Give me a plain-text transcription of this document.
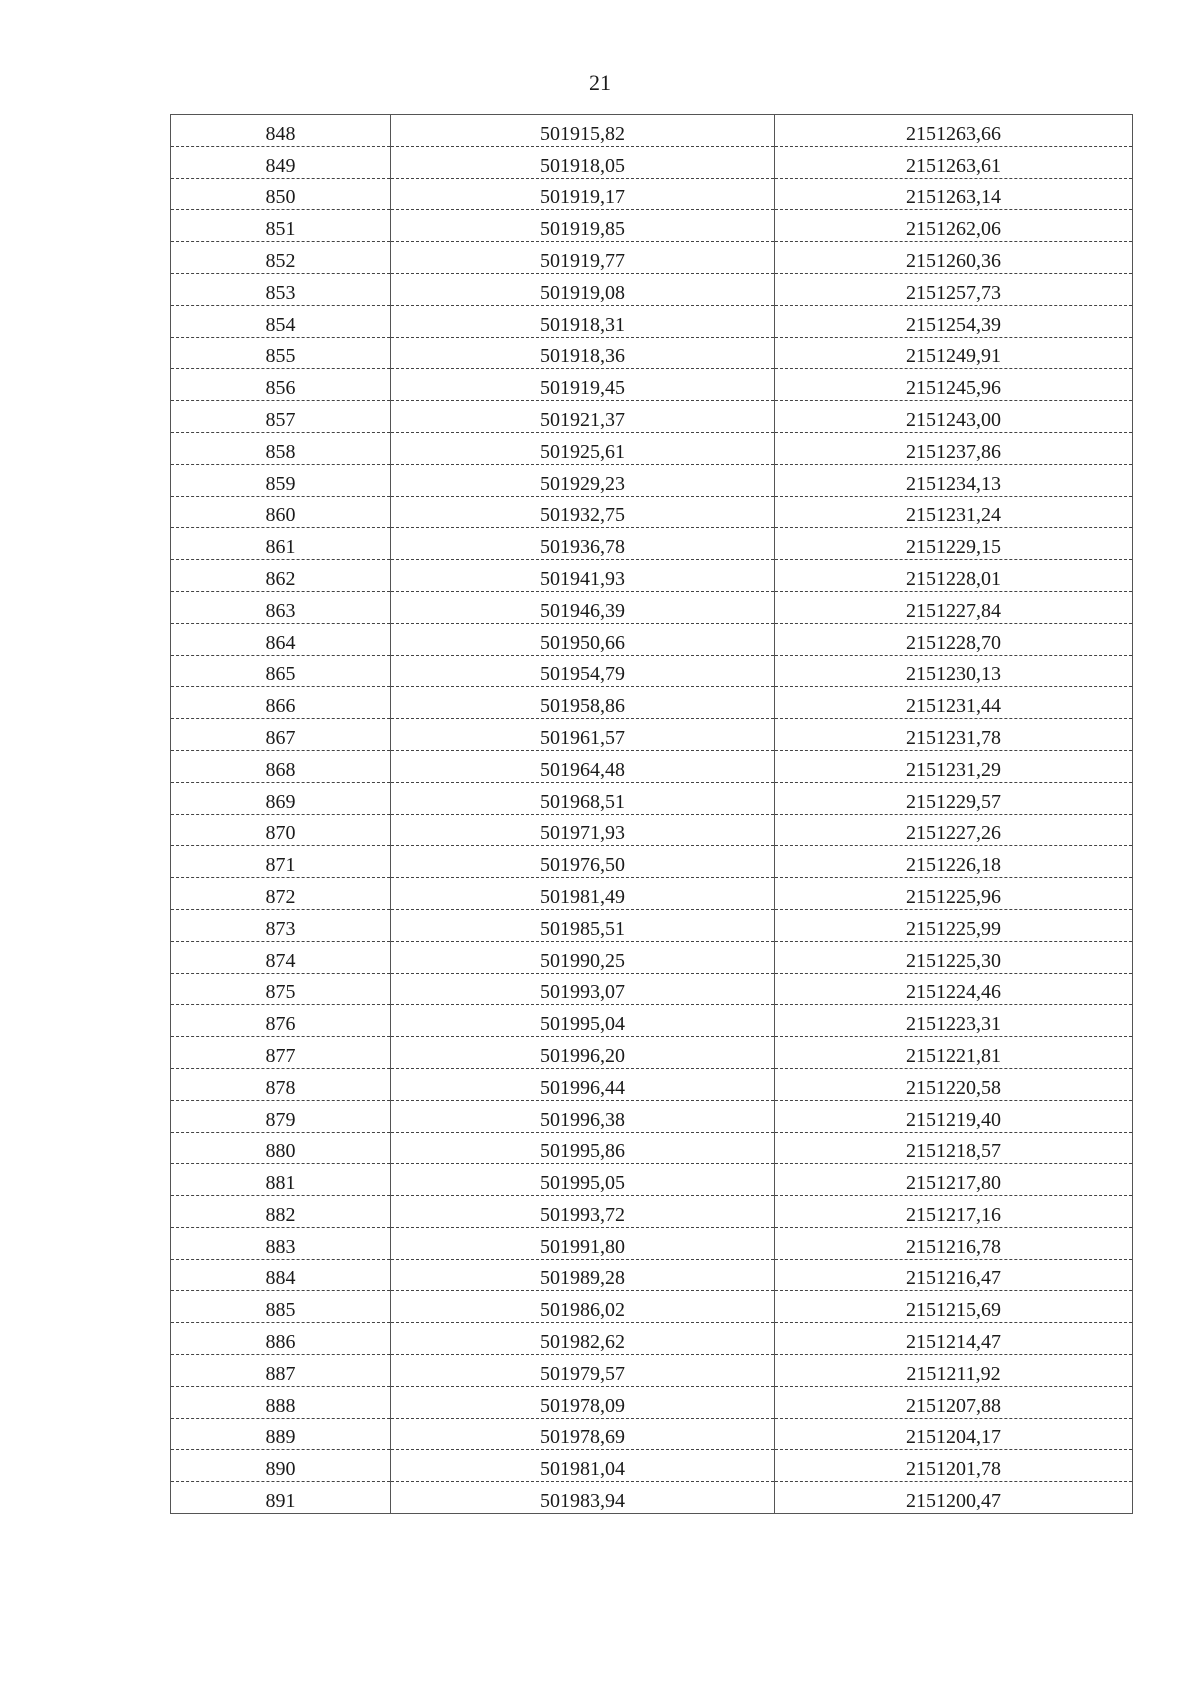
21
848	501915,82	2151263,66
849	501918,05	2151263,61
850	501919,17	2151263,14
851	501919,85	2151262,06
852	501919,77	2151260,36
853	501919,08	2151257,73
854	501918,31	2151254,39
855	501918,36	2151249,91
856	501919,45	2151245,96
857	501921,37	2151243,00
858	501925,61	2151237,86
859	501929,23	2151234,13
860	501932,75	2151231,24
861	501936,78	2151229,15
862	501941,93	2151228,01
863	501946,39	2151227,84
864	501950,66	2151228,70
865	501954,79	2151230,13
866	501958,86	2151231,44
867	501961,57	2151231,78
868	501964,48	2151231,29
869	501968,51	2151229,57
870	501971,93	2151227,26
871	501976,50	2151226,18
872	501981,49	2151225,96
873	501985,51	2151225,99
874	501990,25	2151225,30
875	501993,07	2151224,46
876	501995,04	2151223,31
877	501996,20	2151221,81
878	501996,44	2151220,58
879	501996,38	2151219,40
880	501995,86	2151218,57
881	501995,05	2151217,80
882	501993,72	2151217,16
883	501991,80	2151216,78
884	501989,28	2151216,47
885	501986,02	2151215,69
886	501982,62	2151214,47
887	501979,57	2151211,92
888	501978,09	2151207,88
889	501978,69	2151204,17
890	501981,04	2151201,78
891	501983,94	2151200,47
